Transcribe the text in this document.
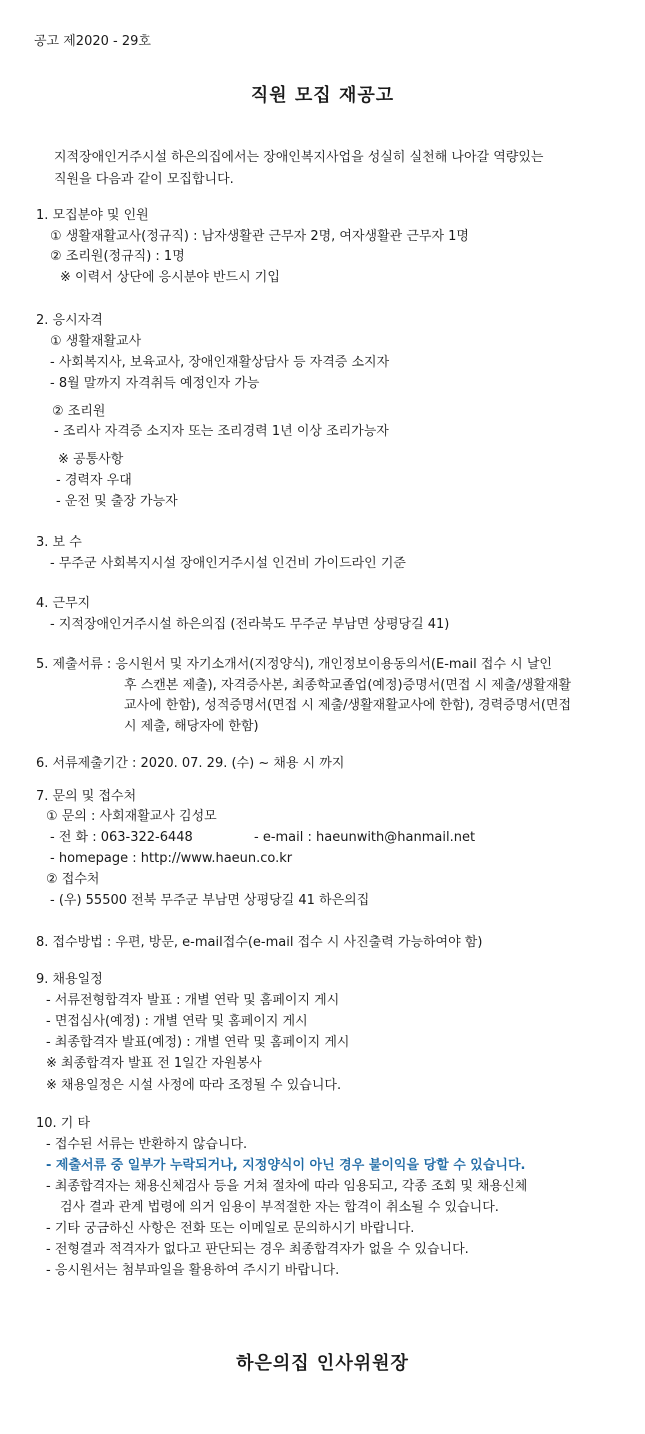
공고 제2020 - 29호
직원 모집 재공고
지적장애인거주시설 하은의집에서는 장애인복지사업을 성실히 실천해 나아갈 역량있는
직원을 다음과 같이 모집합니다.
1. 모집분야 및 인원
① 생활재활교사(정규직) : 남자생활관 근무자 2명, 여자생활관 근무자 1명
② 조리원(정규직) : 1명
※ 이력서 상단에 응시분야 반드시 기입
2. 응시자격
① 생활재활교사
- 사회복지사, 보육교사, 장애인재활상담사 등 자격증 소지자
- 8월 말까지 자격취득 예정인자 가능
② 조리원
- 조리사 자격증 소지자 또는 조리경력 1년 이상 조리가능자
※ 공통사항
- 경력자 우대
- 운전 및 출장 가능자
3. 보 수
- 무주군 사회복지시설 장애인거주시설 인건비 가이드라인 기준
4. 근무지
- 지적장애인거주시설 하은의집 (전라북도 무주군 부남면 상평당길 41)
5. 제출서류 : 응시원서 및 자기소개서(지정양식), 개인정보이용동의서(E-mail 접수 시 날인
후 스캔본 제출), 자격증사본, 최종학교졸업(예정)증명서(면접 시 제출/생활재활
교사에 한함), 성적증명서(면접 시 제출/생활재활교사에 한함), 경력증명서(면접
시 제출, 해당자에 한함)
6. 서류제출기간 : 2020. 07. 29. (수) ~ 채용 시 까지
7. 문의 및 접수처
① 문의 : 사회재활교사 김성모
- 전 화 : 063-322-6448	- e-mail : haeunwith@hanmail.net
- homepage : http://www.haeun.co.kr
② 접수처
- (우) 55500 전북 무주군 부남면 상평당길 41 하은의집
8. 접수방법 : 우편, 방문, e-mail접수(e-mail 접수 시 사진출력 가능하여야 함)
9. 채용일정
- 서류전형합격자 발표 : 개별 연락 및 홈페이지 게시
- 면접심사(예정) : 개별 연락 및 홈페이지 게시
- 최종합격자 발표(예정) : 개별 연락 및 홈페이지 게시
※ 최종합격자 발표 전 1일간 자원봉사
※ 채용일정은 시설 사정에 따라 조정될 수 있습니다.
10. 기 타
- 접수된 서류는 반환하지 않습니다.
- 제출서류 중 일부가 누락되거나, 지정양식이 아닌 경우 불이익을 당할 수 있습니다.
- 최종합격자는 채용신체검사 등을 거쳐 절차에 따라 임용되고, 각종 조회 및 채용신체
검사 결과 관계 법령에 의거 임용이 부적절한 자는 합격이 취소될 수 있습니다.
- 기타 궁금하신 사항은 전화 또는 이메일로 문의하시기 바랍니다.
- 전형결과 적격자가 없다고 판단되는 경우 최종합격자가 없을 수 있습니다.
- 응시원서는 첨부파일을 활용하여 주시기 바랍니다.
하은의집 인사위원장
